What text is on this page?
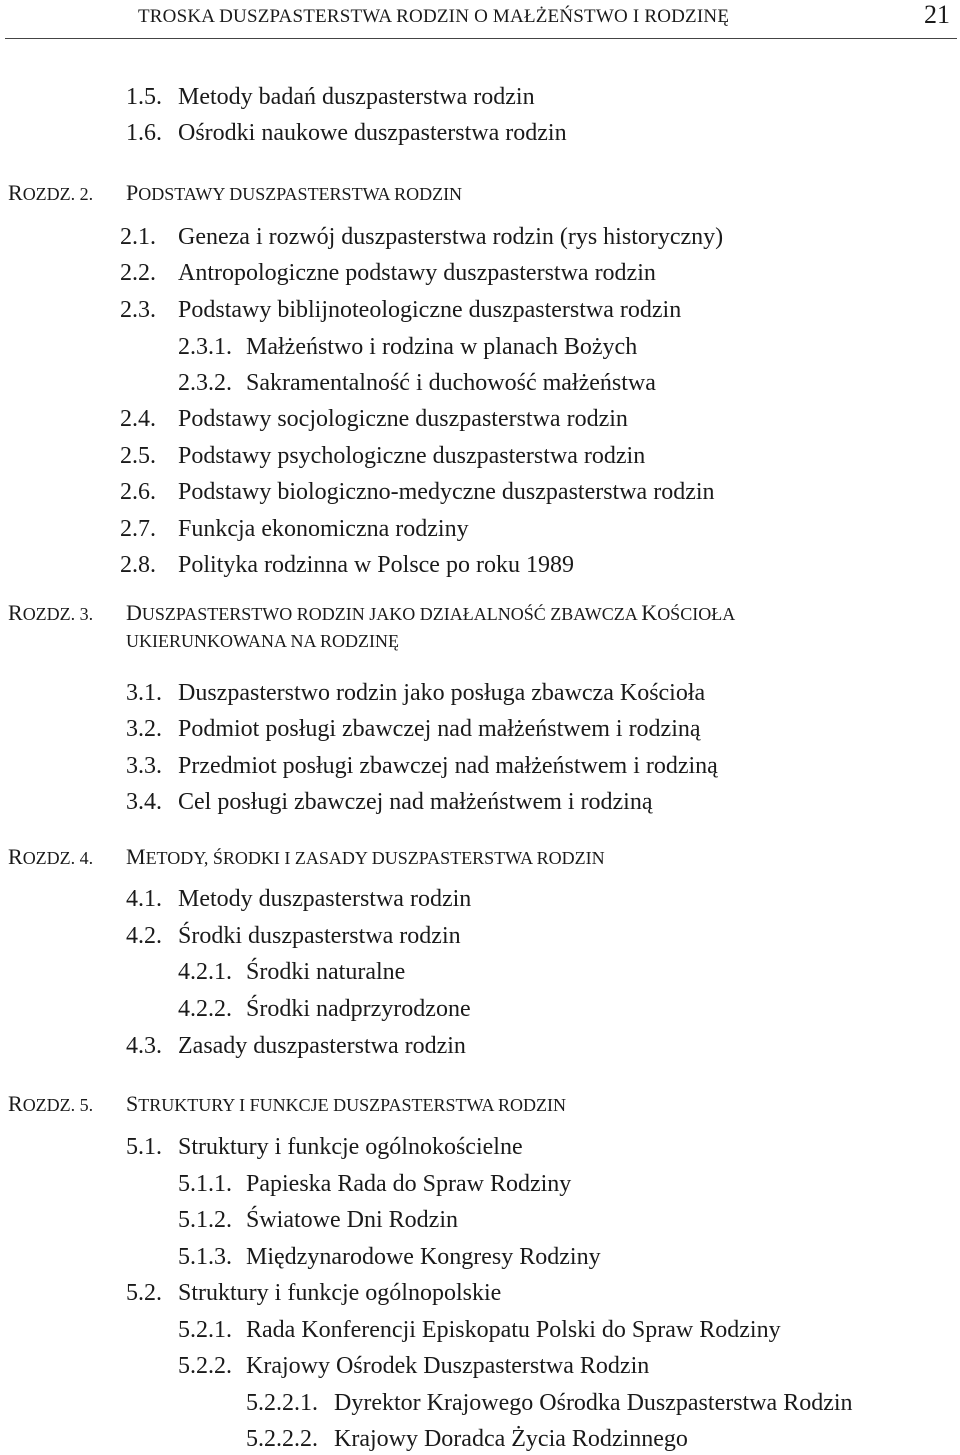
TROSKA DUSZPASTERSTWA RODZIN O MAŁŻEŃSTWO I RODZINĘ	21
1.5. Metody badań duszpasterstwa rodzin
1.6. Ośrodki naukowe duszpasterstwa rodzin
ROZDZ. 2.PODSTAWY DUSZPASTERSTWA RODZIN
2.1. Geneza i rozwój duszpasterstwa rodzin (rys historyczny)
2.2. Antropologiczne podstawy duszpasterstwa rodzin
2.3. Podstawy biblijnoteologiczne duszpasterstwa rodzin
2.3.1. Małżeństwo i rodzina w planach Bożych
2.3.2. Sakramentalność i duchowość małżeństwa
2.4. Podstawy socjologiczne duszpasterstwa rodzin
2.5. Podstawy psychologiczne duszpasterstwa rodzin
2.6. Podstawy biologiczno-medyczne duszpasterstwa rodzin
2.7. Funkcja ekonomiczna rodziny
2.8. Polityka rodzinna w Polsce po roku 1989
ROZDZ. 3.DUSZPASTERSTWO RODZIN JAKO DZIAŁALNOŚĆ ZBAWCZA KOŚCIOŁA
UKIERUNKOWANA NA RODZINĘ
3.1. Duszpasterstwo rodzin jako posługa zbawcza Kościoła
3.2. Podmiot posługi zbawczej nad małżeństwem i rodziną
3.3. Przedmiot posługi zbawczej nad małżeństwem i rodziną
3.4. Cel posługi zbawczej nad małżeństwem i rodziną
ROZDZ. 4.METODY, ŚRODKI I ZASADY DUSZPASTERSTWA RODZIN
4.1. Metody duszpasterstwa rodzin
4.2. Środki duszpasterstwa rodzin
4.2.1. Środki naturalne
4.2.2. Środki nadprzyrodzone
4.3. Zasady duszpasterstwa rodzin
ROZDZ. 5.STRUKTURY I FUNKCJE DUSZPASTERSTWA RODZIN
5.1. Struktury i funkcje ogólnokościelne
5.1.1. Papieska Rada do Spraw Rodziny
5.1.2. Światowe Dni Rodzin
5.1.3. Międzynarodowe Kongresy Rodziny
5.2. Struktury i funkcje ogólnopolskie
5.2.1. Rada Konferencji Episkopatu Polski do Spraw Rodziny
5.2.2. Krajowy Ośrodek Duszpasterstwa Rodzin
5.2.2.1. Dyrektor Krajowego Ośrodka Duszpasterstwa Rodzin
5.2.2.2. Krajowy Doradca Życia Rodzinnego
